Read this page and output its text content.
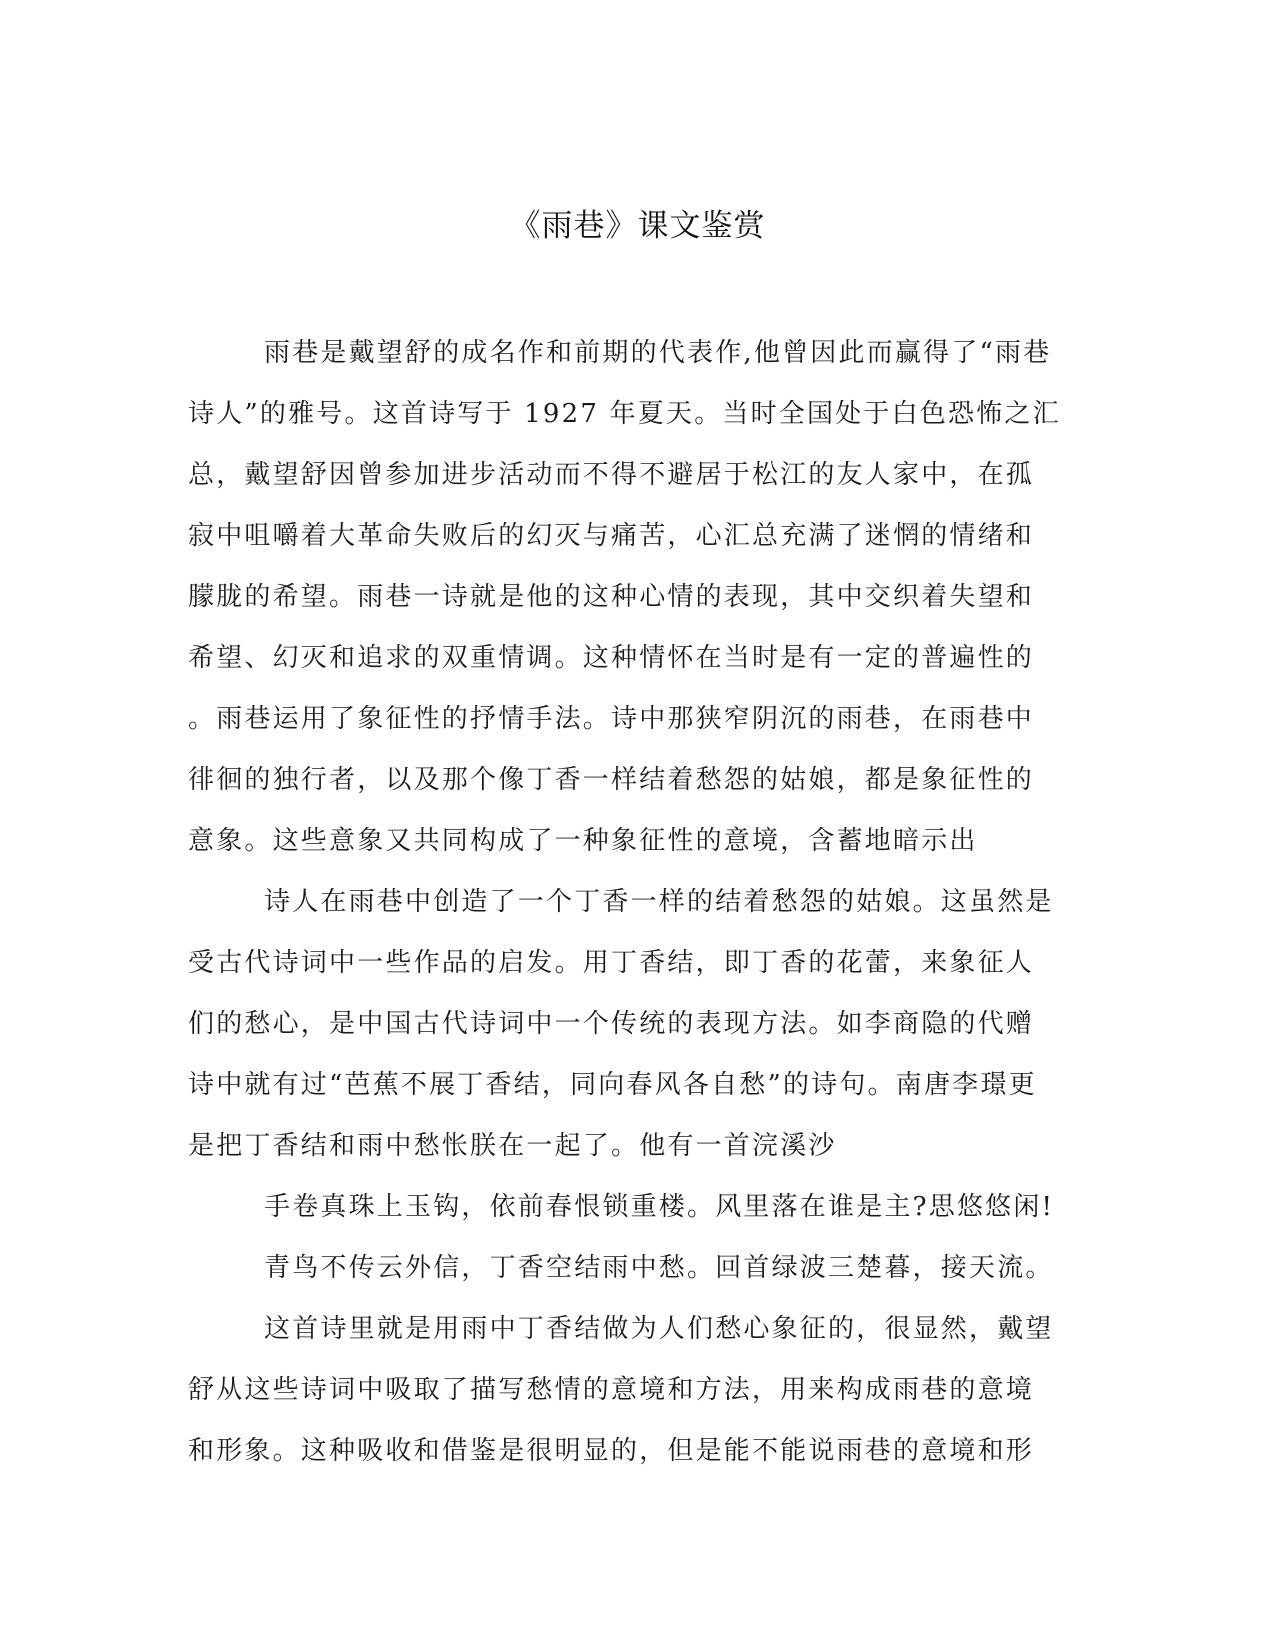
《雨巷》课文鉴赏
雨巷是戴望舒的成名作和前期的代表作,他曾因此而赢得了“雨巷
诗人”的雅号。这首诗写于 1927 年夏天。当时全国处于白色恐怖之汇
总，戴望舒因曾参加进步活动而不得不避居于松江的友人家中，在孤
寂中咀嚼着大革命失败后的幻灭与痛苦，心汇总充满了迷惘的情绪和
朦胧的希望。雨巷一诗就是他的这种心情的表现，其中交织着失望和
希望、幻灭和追求的双重情调。这种情怀在当时是有一定的普遍性的
。雨巷运用了象征性的抒情手法。诗中那狭窄阴沉的雨巷，在雨巷中
徘徊的独行者，以及那个像丁香一样结着愁怨的姑娘，都是象征性的
意象。这些意象又共同构成了一种象征性的意境，含蓄地暗示出
诗人在雨巷中创造了一个丁香一样的结着愁怨的姑娘。这虽然是
受古代诗词中一些作品的启发。用丁香结，即丁香的花蕾，来象征人
们的愁心，是中国古代诗词中一个传统的表现方法。如李商隐的代赠
诗中就有过“芭蕉不展丁香结，同向春风各自愁”的诗句。南唐李璟更
是把丁香结和雨中愁怅朕在一起了。他有一首浣溪沙
手卷真珠上玉钩，依前春恨锁重楼。风里落在谁是主?思悠悠闲!
青鸟不传云外信，丁香空结雨中愁。回首绿波三楚暮，接天流。
这首诗里就是用雨中丁香结做为人们愁心象征的，很显然，戴望
舒从这些诗词中吸取了描写愁情的意境和方法，用来构成雨巷的意境
和形象。这种吸收和借鉴是很明显的，但是能不能说雨巷的意境和形
